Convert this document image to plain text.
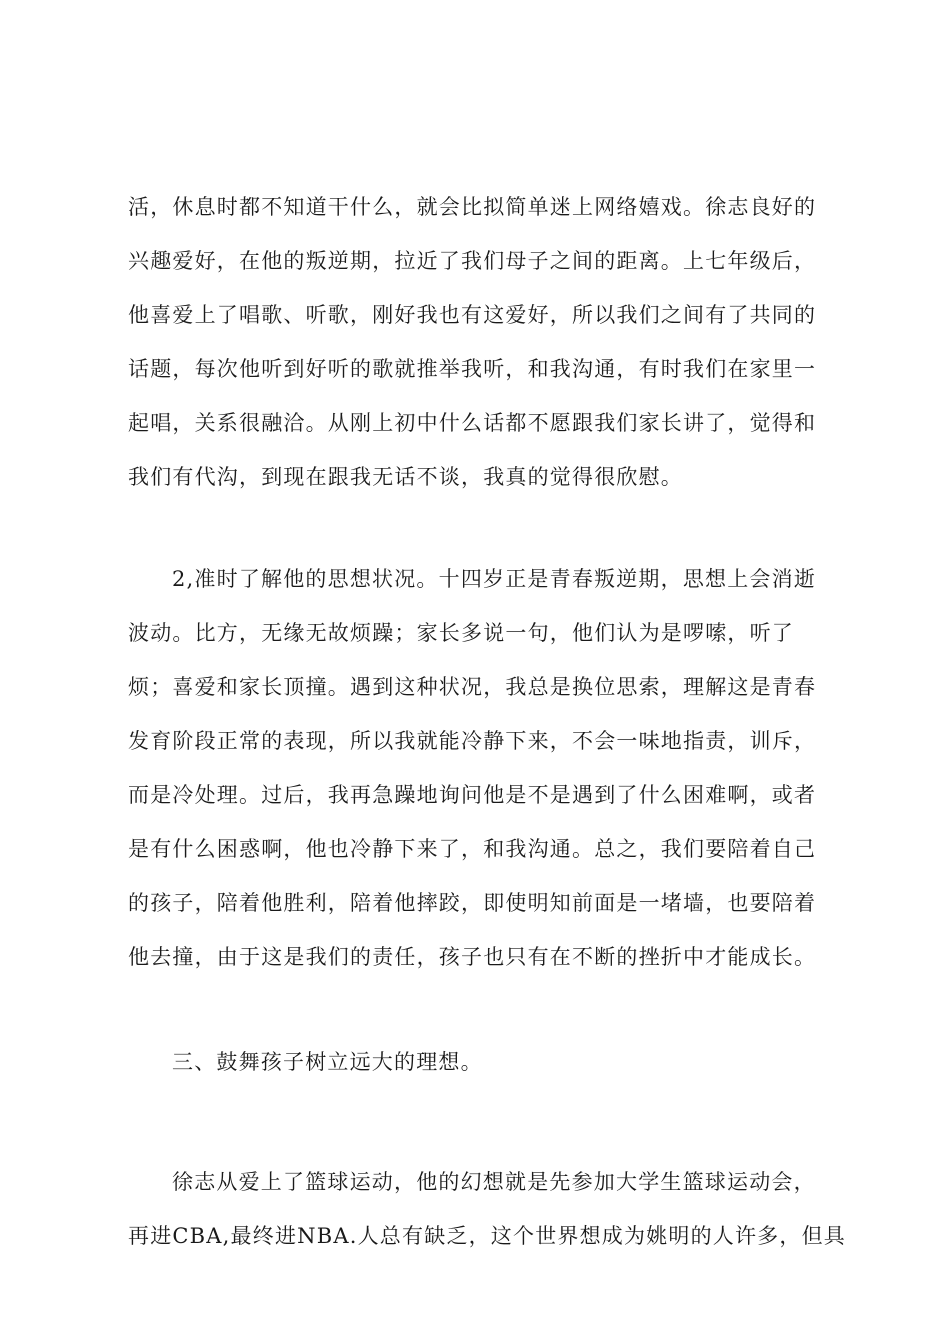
活，休息时都不知道干什么，就会比拟简单迷上网络嬉戏。徐志良好的
兴趣爱好，在他的叛逆期，拉近了我们母子之间的距离。上七年级后，
他喜爱上了唱歌、听歌，刚好我也有这爱好，所以我们之间有了共同的
话题，每次他听到好听的歌就推举我听，和我沟通，有时我们在家里一
起唱，关系很融洽。从刚上初中什么话都不愿跟我们家长讲了，觉得和
我们有代沟，到现在跟我无话不谈，我真的觉得很欣慰。
2,准时了解他的思想状况。十四岁正是青春叛逆期，思想上会消逝
波动。比方，无缘无故烦躁；家长多说一句，他们认为是啰嗦，听了
烦；喜爱和家长顶撞。遇到这种状况，我总是换位思索，理解这是青春
发育阶段正常的表现，所以我就能冷静下来，不会一味地指责，训斥，
而是冷处理。过后，我再急躁地询问他是不是遇到了什么困难啊，或者
是有什么困惑啊，他也冷静下来了，和我沟通。总之，我们要陪着自己
的孩子，陪着他胜利，陪着他摔跤，即使明知前面是一堵墙，也要陪着
他去撞，由于这是我们的责任，孩子也只有在不断的挫折中才能成长。
三、鼓舞孩子树立远大的理想。
徐志从爱上了篮球运动，他的幻想就是先参加大学生篮球运动会，
再进CBA,最终进NBA.人总有缺乏，这个世界想成为姚明的人许多，但具
